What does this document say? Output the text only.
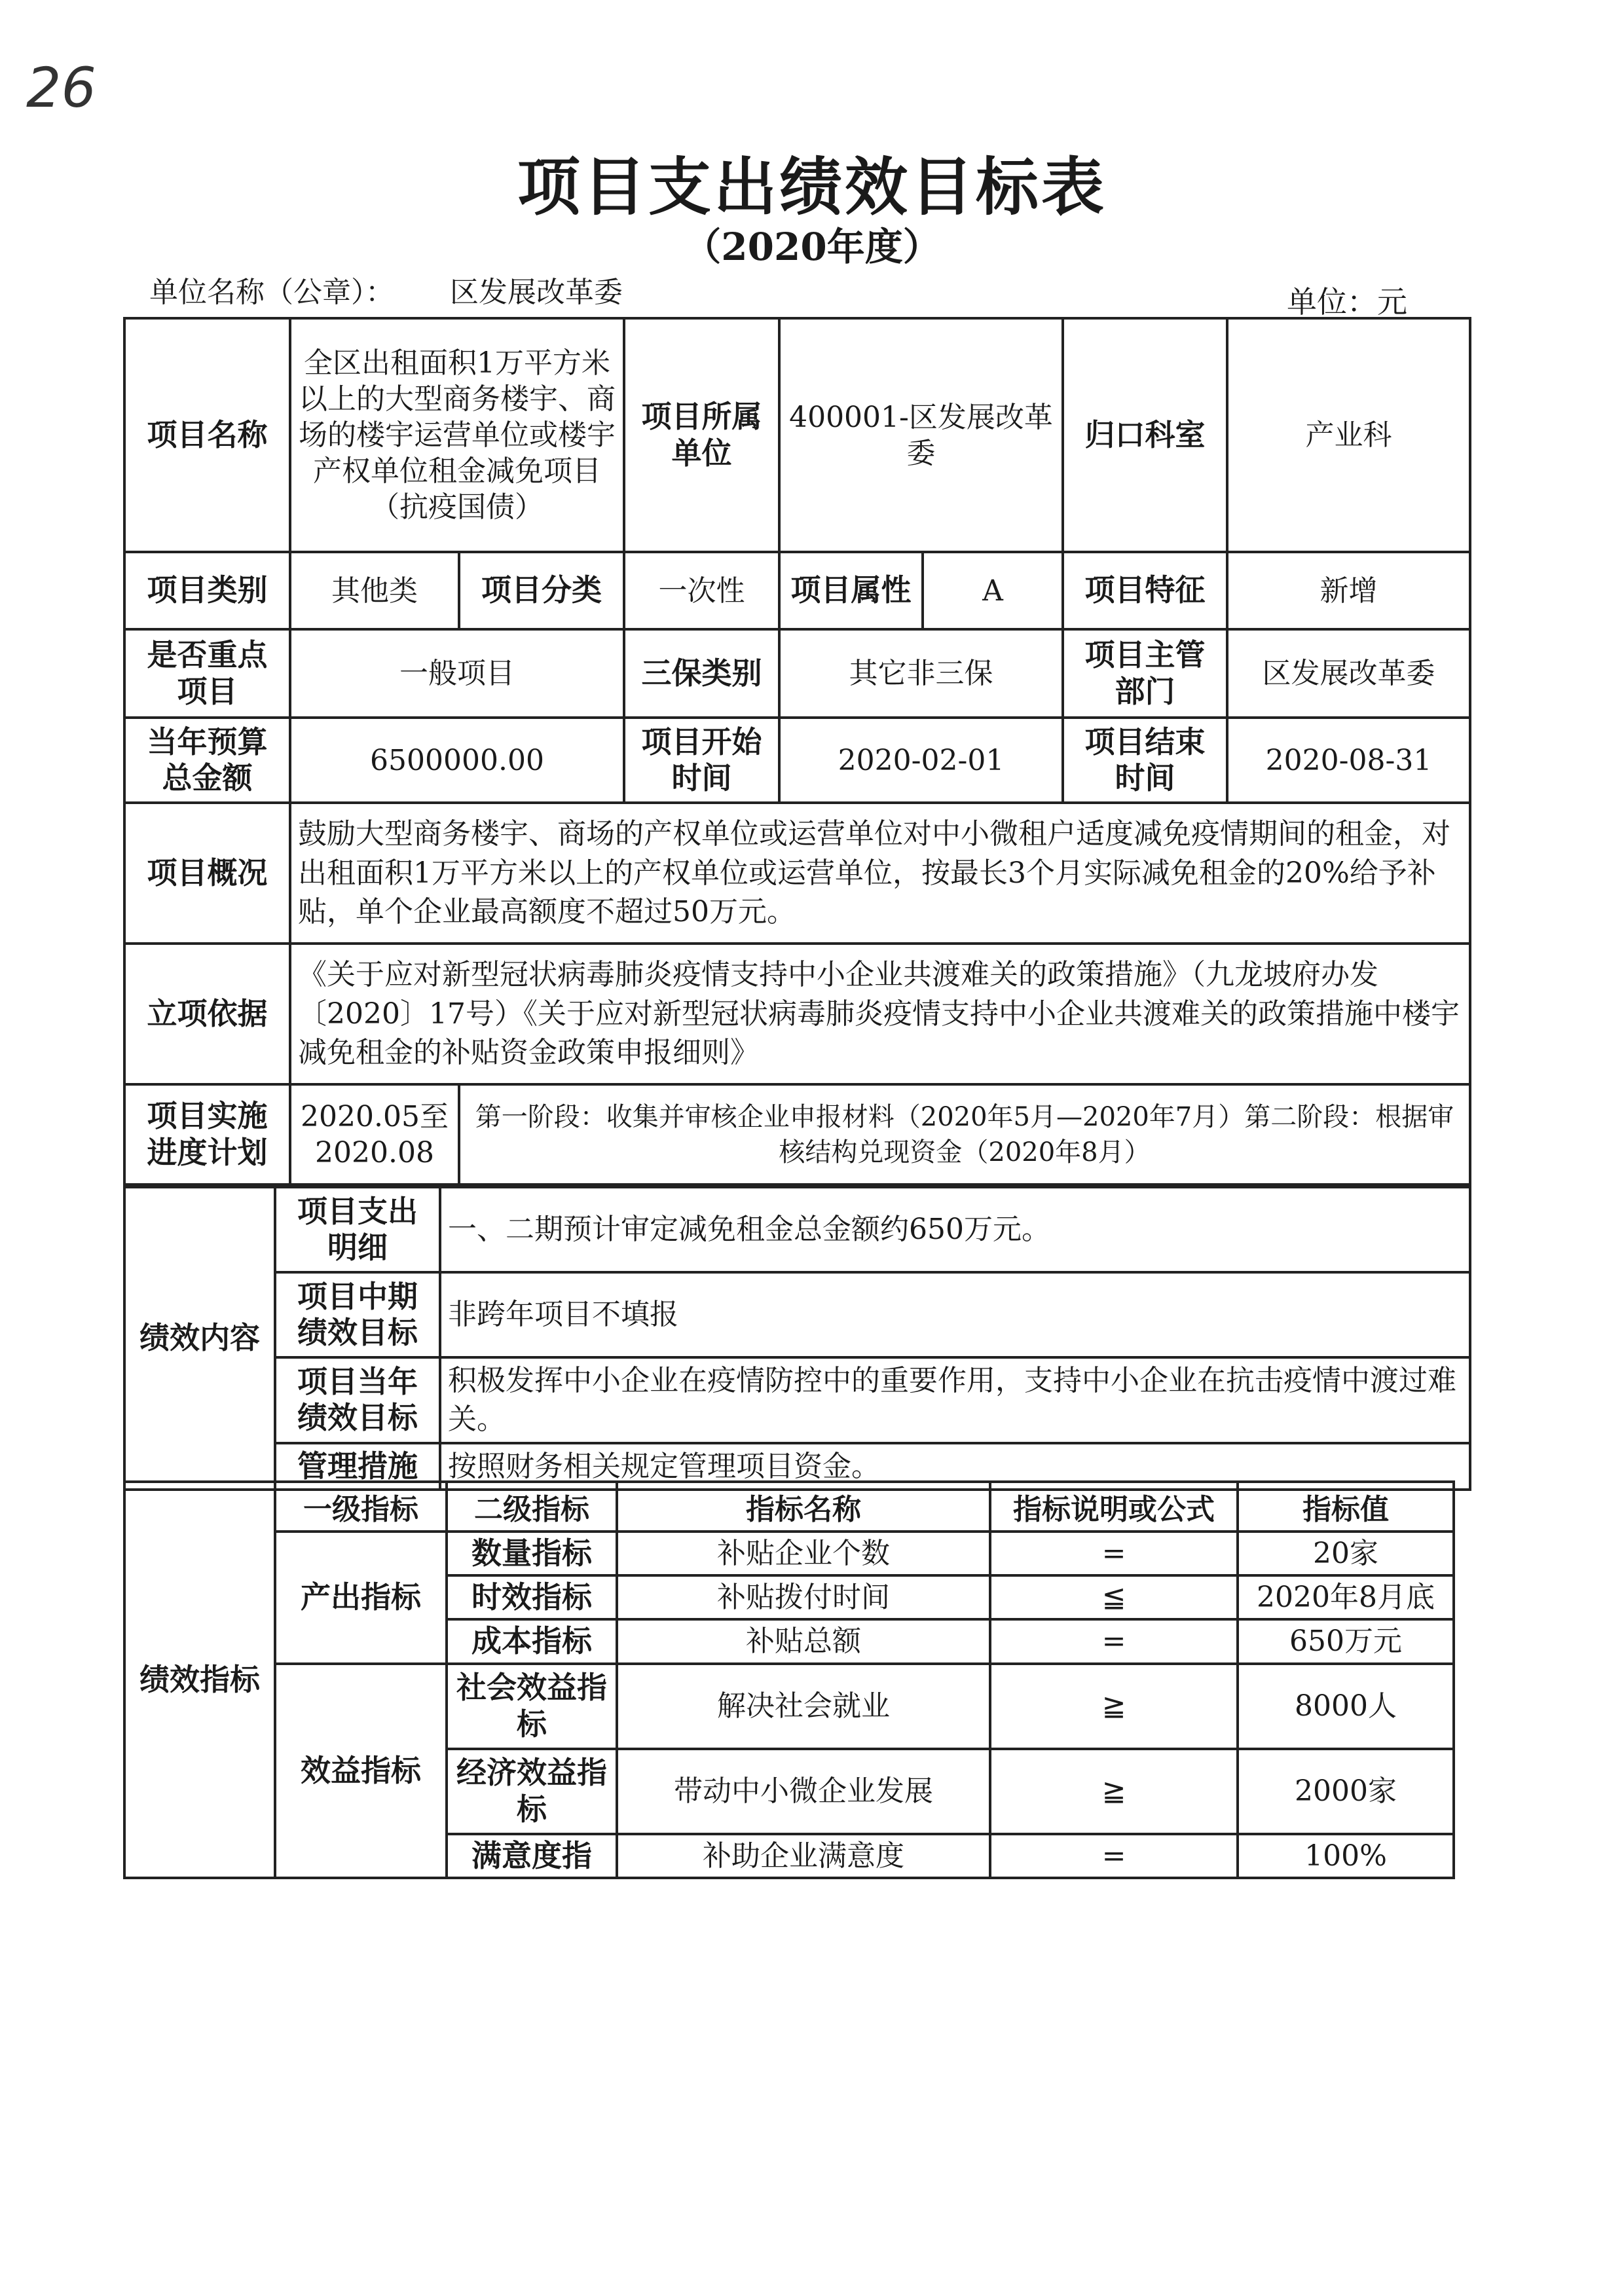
26
项目支出绩效目标表
（2020年度）
单位名称（公章）： 区发展改革委	单位：元
项目名称	全区出租面积1万平方米以上的大型商务楼宇、商场的楼宇运营单位或楼宇产权单位租金减免项目（抗疫国债）		项目所属单位	400001-区发展改革委		归口科室	产业科
项目类别	其他类	项目分类	一次性	项目属性	A	项目特征	新增
是否重点项目	一般项目		三保类别	其它非三保		项目主管部门	区发展改革委
当年预算总金额	6500000.00		项目开始时间	2020-02-01		项目结束时间	2020-08-31
项目概况	鼓励大型商务楼宇、商场的产权单位或运营单位对中小微租户适度减免疫情期间的租金，对出租面积1万平方米以上的产权单位或运营单位，按最长3个月实际减免租金的20%给予补贴，单个企业最高额度不超过50万元。						
立项依据	《关于应对新型冠状病毒肺炎疫情支持中小企业共渡难关的政策措施》（九龙坡府办发〔2020〕17号）《关于应对新型冠状病毒肺炎疫情支持中小企业共渡难关的政策措施中楼宇减免租金的补贴资金政策申报细则》						
项目实施进度计划	2020.05至2020.08	第一阶段：收集并审核企业申报材料（2020年5月—2020年7月）第二阶段：根据审核结构兑现资金（2020年8月）					
绩效内容	项目支出明细	一、二期预计审定减免租金总金额约650万元。
	项目中期绩效目标	非跨年项目不填报
	项目当年绩效目标	积极发挥中小企业在疫情防控中的重要作用，支持中小企业在抗击疫情中渡过难关。
	管理措施	按照财务相关规定管理项目资金。
绩效指标	一级指标	二级指标	指标名称	指标说明或公式	指标值
	产出指标	数量指标	补贴企业个数	=	20家
		时效指标	补贴拨付时间	≦	2020年8月底
		成本指标	补贴总额	=	650万元
	效益指标	社会效益指标	解决社会就业	≧	8000人
		经济效益指标	带动中小微企业发展	≧	2000家
		满意度指	补助企业满意度	=	100%
